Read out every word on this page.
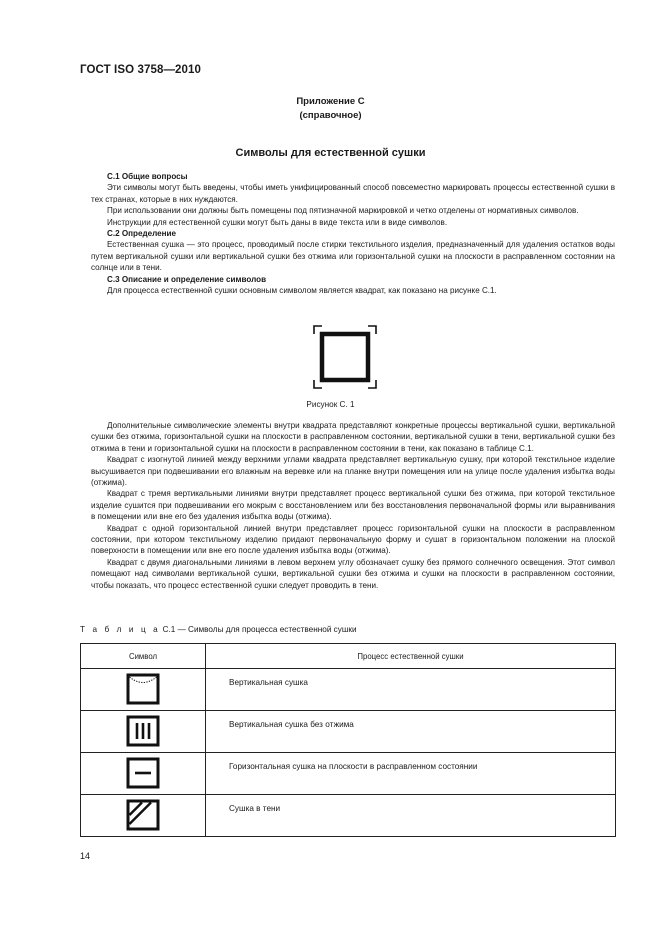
ГОСТ ISO 3758—2010
Приложение С
(справочное)
Символы для естественной сушки

С.1 Общие вопросы

Эти символы могут быть введены, чтобы иметь унифицированный способ повсеместно маркировать процессы естественной сушки в тех странах, которые в них нуждаются.

При использовании они должны быть помещены под пятизначной маркировкой и четко отделены от нормативных символов.

Инструкции для естественной сушки могут быть даны в виде текста или в виде символов.

С.2 Определение

Естественная сушка — это процесс, проводимый после стирки текстильного изделия, предназначенный для удаления остатков воды путем вертикальной сушки или вертикальной сушки без отжима или горизонтальной сушки на плоскости в расправленном состоянии на солнце или в тени.

С.3 Описание и определение символов

Для процесса естественной сушки основным символом является квадрат, как показано на рисунке С.1.

Рисунок С. 1

Дополнительные символические элементы внутри квадрата представляют конкретные процессы вертикальной сушки, вертикальной сушки без отжима, горизонтальной сушки на плоскости в расправленном состоянии, вертикальной сушки в тени, вертикальной сушки без отжима в тени и горизонтальной сушки на плоскости в расправленном состоянии в тени, как показано в таблице С.1.

Квадрат с изогнутой линией между верхними углами квадрата представляет вертикальную сушку, при которой текстильное изделие высушивается при подвешивании его влажным на веревке или на планке внутри помещения или на улице после удаления избытка воды (отжима).

Квадрат с тремя вертикальными линиями внутри представляет процесс вертикальной сушки без отжима, при которой текстильное изделие сушится при подвешивании его мокрым с восстановлением или без восстановления первоначальной формы или выравнивания в помещении или вне его без удаления избытка воды (отжима).

Квадрат с одной горизонтальной линией внутри представляет процесс горизонтальной сушки на плоскости в расправленном состоянии, при котором текстильному изделию придают первоначальную форму и сушат в горизонтальном положении на плоской поверхности в помещении или вне его после удаления избытка воды (отжима).

Квадрат с двумя диагональными линиями в левом верхнем углу обозначает сушку без прямого солнечного освещения. Этот символ помещают над символами вертикальной сушки, вертикальной сушки без отжима и сушки на плоскости в расправленном состоянии, чтобы показать, что процесс естественной сушки следует проводить в тени.

Т а б л и ц а С.1 — Символы для процесса естественной сушки
Символ	Процесс естественной сушки
	Вертикальная сушка
	Вертикальная сушка без отжима
	Горизонтальная сушка на плоскости в расправленном состоянии
	Сушка в тени
14
